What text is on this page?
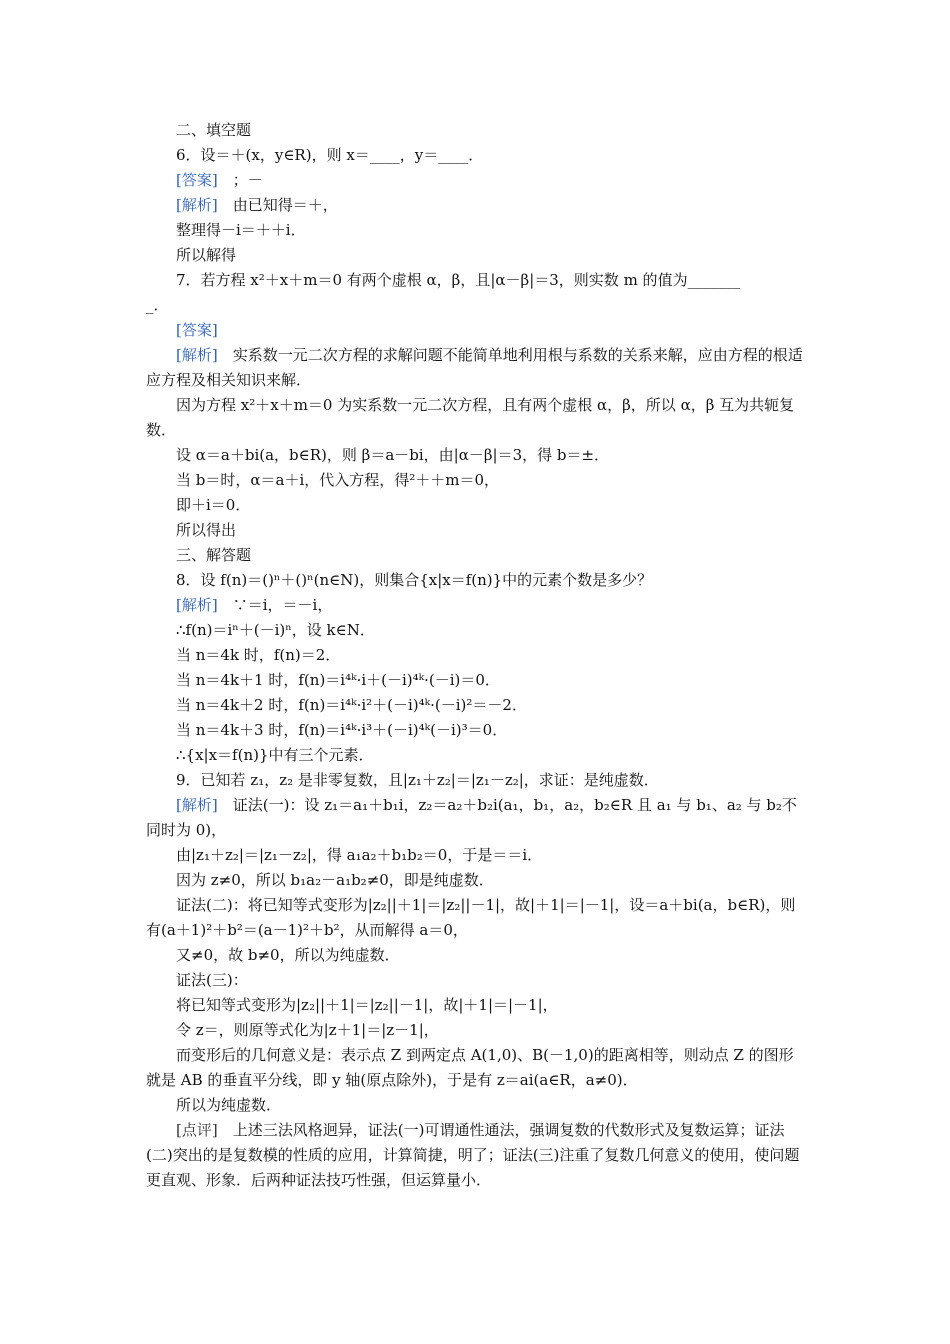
二、填空题
6．设＝＋(x，y∈R)，则 x＝____，y＝____．
[答案]　 ；－
[解析]　 由已知得＝＋，
整理得－i＝＋＋i．
所以解得
7．若方程 x²＋x＋m＝0 有两个虚根 α，β，且|α－β|＝3，则实数 m 的值为_______
_．
[答案]
[解析]　 实系数一元二次方程的求解问题不能简单地利用根与系数的关系来解，应由方程的根适应方程及相关知识来解．
因为方程 x²＋x＋m＝0 为实系数一元二次方程，且有两个虚根 α，β，所以 α，β 互为共轭复数．
设 α＝a＋bi(a，b∈R)，则 β＝a－bi，由|α－β|＝3，得 b＝±．
当 b＝时，α＝a＋i，代入方程，得²＋＋m＝0，
即＋i＝0．
所以得出
三、解答题
8．设 f(n)＝()ⁿ＋()ⁿ(n∈N)，则集合{x|x＝f(n)}中的元素个数是多少？
[解析]　 ∵＝i，＝－i，
∴f(n)＝iⁿ＋(－i)ⁿ，设 k∈N．
当 n＝4k 时，f(n)＝2．
当 n＝4k＋1 时，f(n)＝i⁴ᵏ·i＋(－i)⁴ᵏ·(－i)＝0．
当 n＝4k＋2 时，f(n)＝i⁴ᵏ·i²＋(－i)⁴ᵏ·(－i)²＝－2．
当 n＝4k＋3 时，f(n)＝i⁴ᵏ·i³＋(－i)⁴ᵏ(－i)³＝0．
∴{x|x＝f(n)}中有三个元素．
9．已知若 z₁，z₂ 是非零复数，且|z₁＋z₂|＝|z₁－z₂|，求证：是纯虚数．
[解析]　 证法(一)：设 z₁＝a₁＋b₁i，z₂＝a₂＋b₂i(a₁，b₁，a₂，b₂∈R 且 a₁ 与 b₁、a₂ 与 b₂不同时为 0)，
由|z₁＋z₂|＝|z₁－z₂|，得 a₁a₂＋b₁b₂＝0，于是＝＝i．
因为 z≠0，所以 b₁a₂－a₁b₂≠0，即是纯虚数．
证法(二)：将已知等式变形为|z₂||＋1|＝|z₂||－1|，故|＋1|＝|－1|，设＝a＋bi(a，b∈R)，则有(a＋1)²＋b²＝(a－1)²＋b²，从而解得 a＝0，
又≠0，故 b≠0，所以为纯虚数．
证法(三)：
将已知等式变形为|z₂||＋1|＝|z₂||－1|，故|＋1|＝|－1|，
令 z＝，则原等式化为|z＋1|＝|z－1|，
而变形后的几何意义是：表示点 Z 到两定点 A(1,0)、B(－1,0)的距离相等，则动点 Z 的图形就是 AB 的垂直平分线，即 y 轴(原点除外)，于是有 z＝ai(a∈R，a≠0)．
所以为纯虚数．
[点评]　 上述三法风格迥异，证法(一)可谓通性通法，强调复数的代数形式及复数运算；证法(二)突出的是复数模的性质的应用，计算简捷，明了；证法(三)注重了复数几何意义的使用，使问题更直观、形象．后两种证法技巧性强，但运算量小．
